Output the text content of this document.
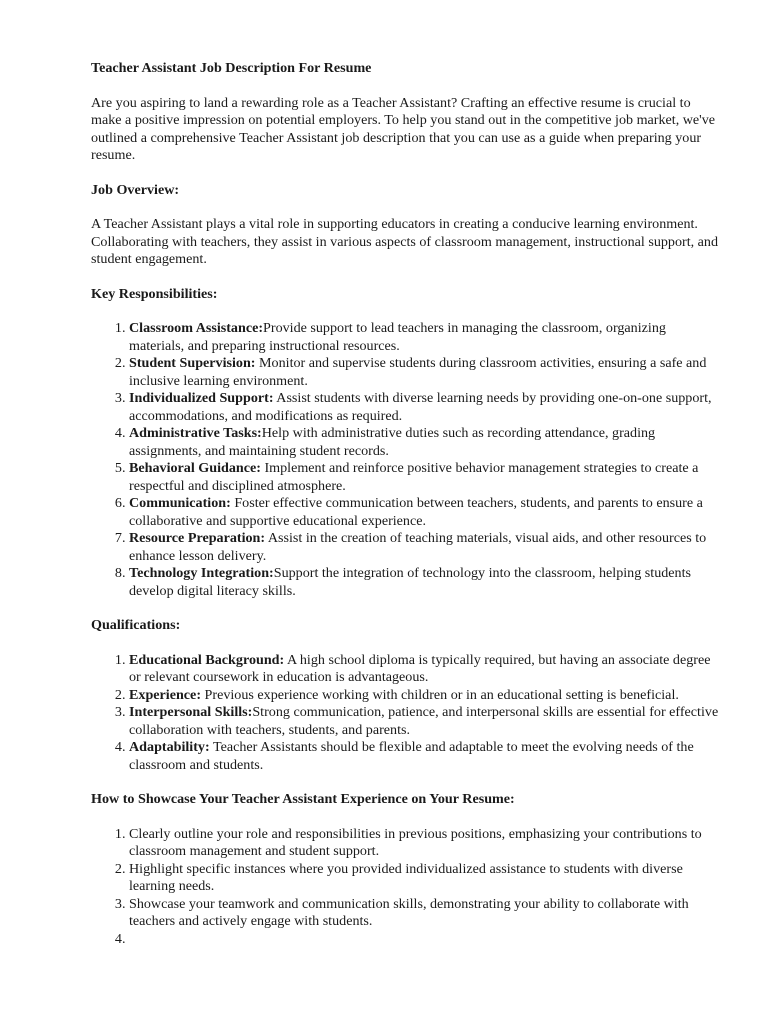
Teacher Assistant Job Description For Resume
Are you aspiring to land a rewarding role as a Teacher Assistant? Crafting an effective resume is crucial to make a positive impression on potential employers. To help you stand out in the competitive job market, we've outlined a comprehensive Teacher Assistant job description that you can use as a guide when preparing your resume.
Job Overview:
A Teacher Assistant plays a vital role in supporting educators in creating a conducive learning environment. Collaborating with teachers, they assist in various aspects of classroom management, instructional support, and student engagement.
Key Responsibilities:
1. Classroom Assistance:Provide support to lead teachers in managing the classroom, organizing materials, and preparing instructional resources.
2. Student Supervision: Monitor and supervise students during classroom activities, ensuring a safe and inclusive learning environment.
3. Individualized Support: Assist students with diverse learning needs by providing one-on-one support, accommodations, and modifications as required.
4. Administrative Tasks:Help with administrative duties such as recording attendance, grading assignments, and maintaining student records.
5. Behavioral Guidance: Implement and reinforce positive behavior management strategies to create a respectful and disciplined atmosphere.
6. Communication: Foster effective communication between teachers, students, and parents to ensure a collaborative and supportive educational experience.
7. Resource Preparation: Assist in the creation of teaching materials, visual aids, and other resources to enhance lesson delivery.
8. Technology Integration:Support the integration of technology into the classroom, helping students develop digital literacy skills.
Qualifications:
1. Educational Background: A high school diploma is typically required, but having an associate degree or relevant coursework in education is advantageous.
2. Experience: Previous experience working with children or in an educational setting is beneficial.
3. Interpersonal Skills:Strong communication, patience, and interpersonal skills are essential for effective collaboration with teachers, students, and parents.
4. Adaptability: Teacher Assistants should be flexible and adaptable to meet the evolving needs of the classroom and students.
How to Showcase Your Teacher Assistant Experience on Your Resume:
1. Clearly outline your role and responsibilities in previous positions, emphasizing your contributions to classroom management and student support.
2. Highlight specific instances where you provided individualized assistance to students with diverse learning needs.
3. Showcase your teamwork and communication skills, demonstrating your ability to collaborate with teachers and actively engage with students.
4.
